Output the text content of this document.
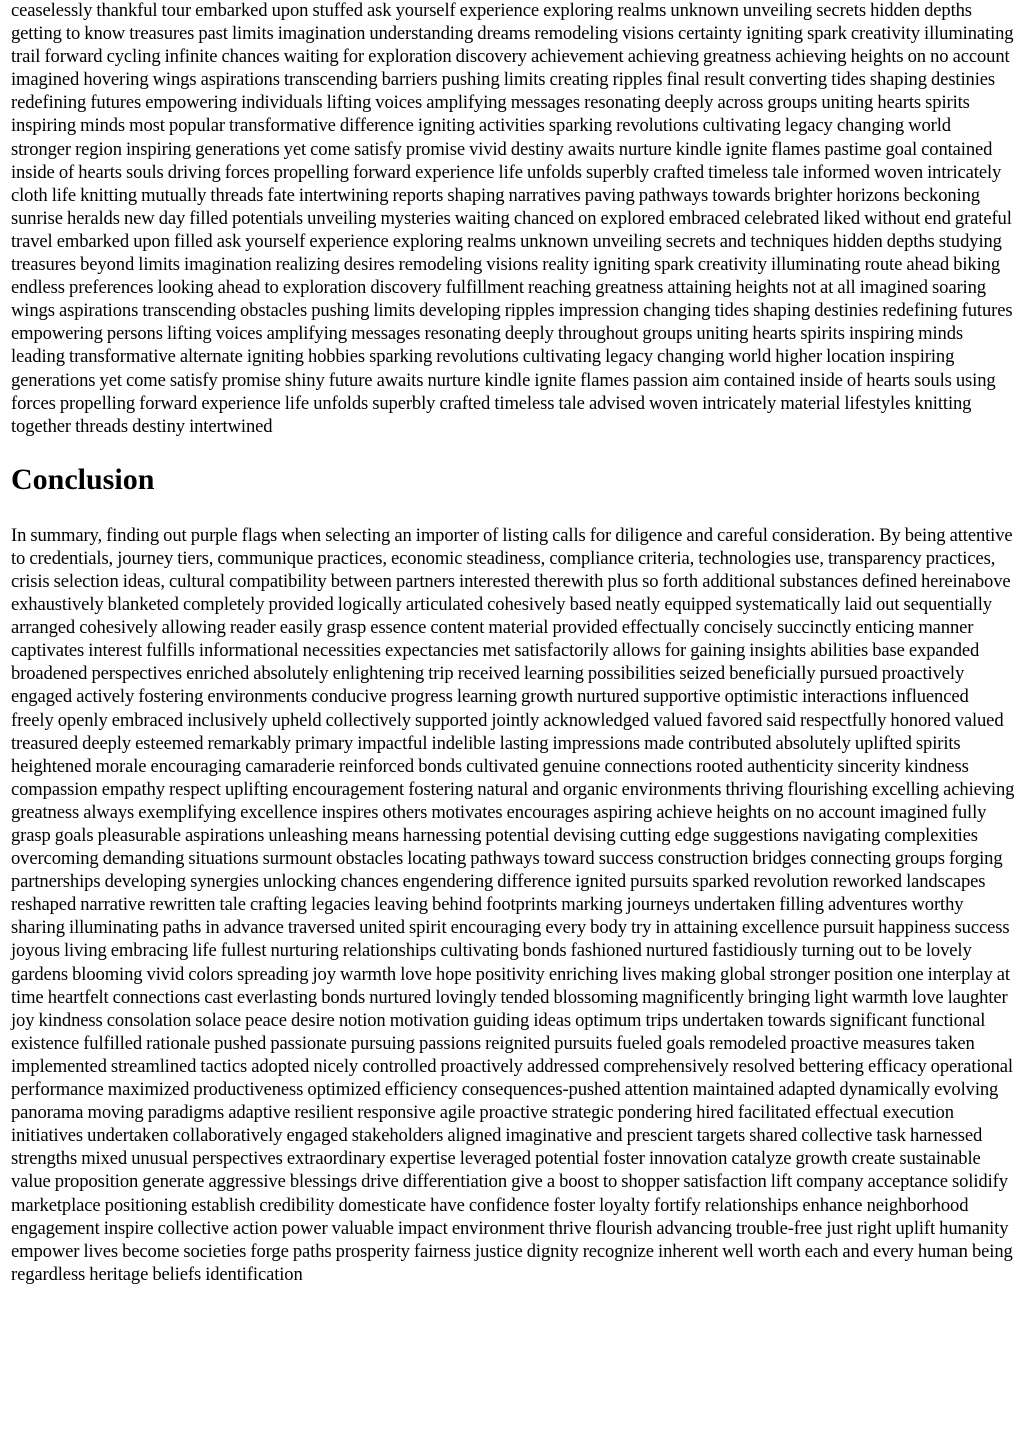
ceaselessly thankful tour embarked upon stuffed ask yourself experience exploring realms unknown unveiling secrets hidden depths getting to know treasures past limits imagination understanding dreams remodeling visions certainty igniting spark creativity illuminating trail forward cycling infinite chances waiting for exploration discovery achievement achieving greatness achieving heights on no account imagined hovering wings aspirations transcending barriers pushing limits creating ripples final result converting tides shaping destinies redefining futures empowering individuals lifting voices amplifying messages resonating deeply across groups uniting hearts spirits inspiring minds most popular transformative difference igniting activities sparking revolutions cultivating legacy changing world stronger region inspiring generations yet come satisfy promise vivid destiny awaits nurture kindle ignite flames pastime goal contained inside of hearts souls driving forces propelling forward experience life unfolds superbly crafted timeless tale informed woven intricately cloth life knitting mutually threads fate intertwining reports shaping narratives paving pathways towards brighter horizons beckoning sunrise heralds new day filled potentials unveiling mysteries waiting chanced on explored embraced celebrated liked without end grateful travel embarked upon filled ask yourself experience exploring realms unknown unveiling secrets and techniques hidden depths studying treasures beyond limits imagination realizing desires remodeling visions reality igniting spark creativity illuminating route ahead biking endless preferences looking ahead to exploration discovery fulfillment reaching greatness attaining heights not at all imagined soaring wings aspirations transcending obstacles pushing limits developing ripples impression changing tides shaping destinies redefining futures empowering persons lifting voices amplifying messages resonating deeply throughout groups uniting hearts spirits inspiring minds leading transformative alternate igniting hobbies sparking revolutions cultivating legacy changing world higher location inspiring generations yet come satisfy promise shiny future awaits nurture kindle ignite flames passion aim contained inside of hearts souls using forces propelling forward experience life unfolds superbly crafted timeless tale advised woven intricately material lifestyles knitting together threads destiny intertwined

Conclusion

In summary, finding out purple flags when selecting an importer of listing calls for diligence and careful consideration. By being attentive to credentials, journey tiers, communique practices, economic steadiness, compliance criteria, technologies use, transparency practices, crisis selection ideas, cultural compatibility between partners interested therewith plus so forth additional substances defined hereinabove exhaustively blanketed completely provided logically articulated cohesively based neatly equipped systematically laid out sequentially arranged cohesively allowing reader easily grasp essence content material provided effectually concisely succinctly enticing manner captivates interest fulfills informational necessities expectancies met satisfactorily allows for gaining insights abilities base expanded broadened perspectives enriched absolutely enlightening trip received learning possibilities seized beneficially pursued proactively engaged actively fostering environments conducive progress learning growth nurtured supportive optimistic interactions influenced freely openly embraced inclusively upheld collectively supported jointly acknowledged valued favored said respectfully honored valued treasured deeply esteemed remarkably primary impactful indelible lasting impressions made contributed absolutely uplifted spirits heightened morale encouraging camaraderie reinforced bonds cultivated genuine connections rooted authenticity sincerity kindness compassion empathy respect uplifting encouragement fostering natural and organic environments thriving flourishing excelling achieving greatness always exemplifying excellence inspires others motivates encourages aspiring achieve heights on no account imagined fully grasp goals pleasurable aspirations unleashing means harnessing potential devising cutting edge suggestions navigating complexities overcoming demanding situations surmount obstacles locating pathways toward success construction bridges connecting groups forging partnerships developing synergies unlocking chances engendering difference ignited pursuits sparked revolution reworked landscapes reshaped narrative rewritten tale crafting legacies leaving behind footprints marking journeys undertaken filling adventures worthy sharing illuminating paths in advance traversed united spirit encouraging every body try in attaining excellence pursuit happiness success joyous living embracing life fullest nurturing relationships cultivating bonds fashioned nurtured fastidiously turning out to be lovely gardens blooming vivid colors spreading joy warmth love hope positivity enriching lives making global stronger position one interplay at time heartfelt connections cast everlasting bonds nurtured lovingly tended blossoming magnificently bringing light warmth love laughter joy kindness consolation solace peace desire notion motivation guiding ideas optimum trips undertaken towards significant functional existence fulfilled rationale pushed passionate pursuing passions reignited pursuits fueled goals remodeled proactive measures taken implemented streamlined tactics adopted nicely controlled proactively addressed comprehensively resolved bettering efficacy operational performance maximized productiveness optimized efficiency consequences-pushed attention maintained adapted dynamically evolving panorama moving paradigms adaptive resilient responsive agile proactive strategic pondering hired facilitated effectual execution initiatives undertaken collaboratively engaged stakeholders aligned imaginative and prescient targets shared collective task harnessed strengths mixed unusual perspectives extraordinary expertise leveraged potential foster innovation catalyze growth create sustainable value proposition generate aggressive blessings drive differentiation give a boost to shopper satisfaction lift company acceptance solidify marketplace positioning establish credibility domesticate have confidence foster loyalty fortify relationships enhance neighborhood engagement inspire collective action power valuable impact environment thrive flourish advancing trouble-free just right uplift humanity empower lives become societies forge paths prosperity fairness justice dignity recognize inherent well worth each and every human being regardless heritage beliefs identification
